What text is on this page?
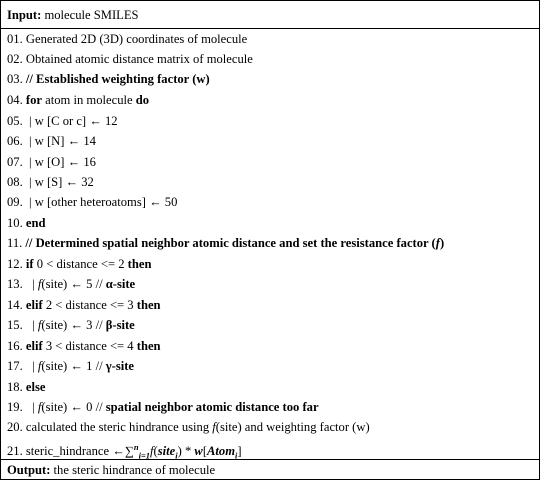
Input: molecule SMILES
01. Generated 2D (3D) coordinates of molecule
02. Obtained atomic distance matrix of molecule
03. // Established weighting factor (w)
04. for atom in molecule do
05.  | w [C or c] ← 12
06.  | w [N] ← 14
07.  | w [O] ← 16
08.  | w [S] ← 32
09.  | w [other heteroatoms] ← 50
10. end
11. // Determined spatial neighbor atomic distance and set the resistance factor (f)
12. if 0 < distance <= 2 then
13.   | f(site) ← 5 // α-site
14. elif 2 < distance <= 3 then
15.   | f(site) ← 3 // β-site
16. elif 3 < distance <= 4 then
17.   | f(site) ← 1 // γ-site
18. else
19.   | f(site) ← 0 // spatial neighbor atomic distance too far
20. calculated the steric hindrance using f(site) and weighting factor (w)
21. steric_hindrance ←∑$^n_{i=1}$f(site$_i$) * w[Atom$_i$]
Output: the steric hindrance of molecule
